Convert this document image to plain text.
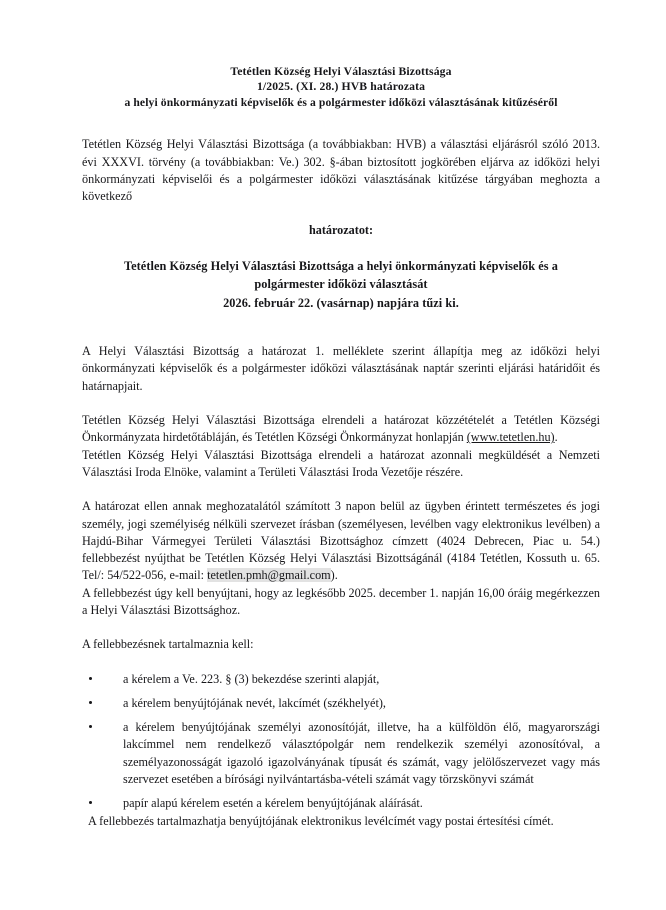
Tetétlen Község Helyi Választási Bizottsága
1/2025. (XI. 28.) HVB határozata
a helyi önkormányzati képviselők és a polgármester időközi választásának kitűzéséről

Tetétlen Község Helyi Választási Bizottsága (a továbbiakban: HVB) a választási eljárásról szóló 2013. évi XXXVI. törvény (a továbbiakban: Ve.) 302. §-ában biztosított jogkörében eljárva az időközi helyi önkormányzati képviselői és a polgármester időközi választásának kitűzése tárgyában meghozta a következő

határozatot:
Tetétlen Község Helyi Választási Bizottsága a helyi önkormányzati képviselők és a
polgármester időközi választását
2026. február 22. (vasárnap) napjára tűzi ki.

A Helyi Választási Bizottság a határozat 1. melléklete szerint állapítja meg az időközi helyi önkormányzati képviselők és a polgármester időközi választásának naptár szerinti eljárási határidőit és határnapjait.

Tetétlen Község Helyi Választási Bizottsága elrendeli a határozat közzétételét a Tetétlen Községi Önkormányzata hirdetőtábláján, és Tetétlen Községi Önkormányzat honlapján (www.tetetlen.hu).

Tetétlen Község Helyi Választási Bizottsága elrendeli a határozat azonnali megküldését a Nemzeti Választási Iroda Elnöke, valamint a Területi Választási Iroda Vezetője részére.

A határozat ellen annak meghozatalától számított 3 napon belül az ügyben érintett természetes és jogi személy, jogi személyiség nélküli szervezet írásban (személyesen, levélben vagy elektronikus levélben) a Hajdú-Bihar Vármegyei Területi Választási Bizottsághoz címzett (4024 Debrecen, Piac u. 54.) fellebbezést nyújthat be Tetétlen Község Helyi Választási Bizottságánál (4184 Tetétlen, Kossuth u. 65. Tel/: 54/522-056, e-mail: tetetlen.pmh@gmail.com).

A fellebbezést úgy kell benyújtani, hogy az legkésőbb 2025. december 1. napján 16,00 óráig megérkezzen a Helyi Választási Bizottsághoz.

A fellebbezésnek tartalmaznia kell:

a kérelem a Ve. 223. § (3) bekezdése szerinti alapját,
a kérelem benyújtójának nevét, lakcímét (székhelyét),
a kérelem benyújtójának személyi azonosítóját, illetve, ha a külföldön élő, magyarországi lakcímmel nem rendelkező választópolgár nem rendelkezik személyi azonosítóval, a személyazonosságát igazoló igazolványának típusát és számát, vagy jelölőszervezet vagy más szervezet esetében a bírósági nyilvántartásba-vételi számát vagy törzskönyvi számát
papír alapú kérelem esetén a kérelem benyújtójának aláírását.

A fellebbezés tartalmazhatja benyújtójának elektronikus levélcímét vagy postai értesítési címét.
